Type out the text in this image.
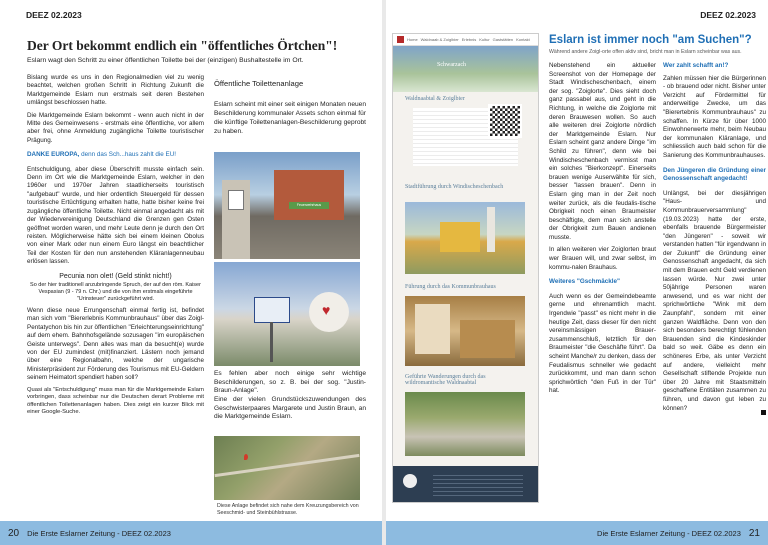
DEEZ 02.2023
Der Ort bekommt endlich ein "öffentliches Örtchen"!
Eslarn wagt den Schritt zu einer öffentlichen Toilette bei der (einzigen) Bushaltestelle im Ort.

Bislang wurde es uns in den Regionalmedien viel zu wenig beachtet, welchen großen Schritt in Richtung Zukunft die Marktgemeinde Eslarn nun erstmals seit deren Bestehen umlängst beschlossen hatte.

Die Marktgemeinde Eslarn bekommt - wenn auch nicht in der Mitte des Gemeinwesens - erstmals eine öffentliche, vor allem aber frei, ohne Anmeldung zugängliche Toilette touristischer Prägung.

DANKE EUROPA, denn das Sch...haus zahlt die EU!

Entschuldigung, aber diese Überschrift musste einfach sein. Denn im Ort wie die Marktgemeinde Eslarn, welcher in den 1960er und 1970er Jahren staatlicherseits touristisch "aufgebaut" wurde, und hier ordentlich Steuergeld für dessen touristische Ertüchtigung erhalten hatte, hatte bisher keine frei zugängliche öffentliche Toilette. Nicht einmal angedacht als mit der Wiedervereinigung Deutschland die Grenzen gen Osten geöffnet worden waren, und mehr Leute denn je durch den Ort reisten. Möglicherweise hätte sich bei einem kleinen Obolus von einer Mark oder nun einem Euro längst ein beachtlicher Teil der Kosten für den nun anstehenden Kläranlagenneubau erlösen lassen.

Pecunia non olet! (Geld stinkt nicht!)

So der hier traditionell anzubringende Spruch, der auf den röm. Kaiser Vespasian (9 - 79 n. Chr.) und die von ihm erstmals eingeführte "Urinsteuer" zurückgeführt wird.

Wenn diese neue Errungenschaft einmal fertig ist, befindet man sich vom "Biererlebnis Kommunbrauhaus" über das Zoigl-Pentatychon bis hin zur öffentlichen "Erleichterungseinrichtung" auf dem ehem. Bahnhofsgelände sozusagen "im europäischen Geiste unterwegs". Denn alles was man da besucht(e) wurde von der EU zumindest (mit)finanziert. Lästern noch jemand über eine Regionalbahn, welche der ungarische Ministerpräsident zur Förderung des Tourismus mit EU-Geldern seinem Heimatort spendiert haben soll?

Quasi als "Entschuldigung" muss man für die Marktgemeinde Eslarn vorbringen, dass scheinbar nur die Deutschen derart Probleme mit öffentlichen Toilettenanlagen haben. Dies zeigt ein kurzer Blick mit einer Google-Suche.

Öffentliche Toilettenanlage
Eslarn scheint mit einer seit einigen Monaten neuen Beschilderung kommunaler Assets schon einmal für die künftige Toilettenanlagen-Beschilderung geprobt zu haben.
Feuerwehrhaus
♥
Es fehlen aber noch einige sehr wichtige Beschilderungen, so z. B. bei der sog. "Justin-Braun-Anlage".
Eine der vielen Grundstückszuwendungen des Geschwisterpaares Margarete und Justin Braun, an die Marktgemeinde Eslarn.
Diese Anlage befindet sich nahe dem Kreuzungsbereich von Seeschmid- und Steinbühlstrasse.
20	Die Erste Eslarner Zeitung - DEEZ 02.2023
DEEZ 02.2023
Eslarn ist immer noch "am Suchen"?
Während andere Zoigl-orte offen aktiv sind, bricht man in Eslarn scheinbar was aus.
Home Waldnaab & Zoiglbier Erlebnis Kultur Gaststätten Kontakt
Schwarzach
Waldnaabtal & Zoiglbier
Stadtführung durch Windischeschenbach
Führung durch das Kommunbrauhaus
Geführte Wanderungen durch das wildromantische Waldnaabtal

Nebenstehend ein aktueller Screenshot von der Homepage der Stadt Windischeschenbach, einem der sog. "Zoiglorte". Dies sieht doch ganz passabel aus, und geht in die Richtung, in welche die Zoiglorte mit deren Brauwesen wollen. So auch alle weiteren drei Zoiglorte nördlich der Marktgemeinde Eslarn. Nur Eslarn scheint ganz andere Dinge "im Schild zu führen", denn wie bei Windischeschenbach vermisst man ein solches "Bierkonzept". Einerseits brauen wenige Auserwählte für sich, besser "lassen brauen". Denn in Eslarn ging man in der Zeit noch weiter zurück, als die feudalis-tische Obrigkeit noch einen Braumeister beschäftigte, dem man sich anstelle der Obrigkeit zum Bauen andienen musste.

In allen weiteren vier Zoiglorten braut wer Brauen will, und zwar selbst, im kommu-nalen Brauhaus.

Weiteres "Gschmäckle"

Auch wenn es der Gemeindebeamte gerne und ehrenamtlich macht. Irgendwie "passt" es nicht mehr in die heutige Zeit, dass dieser für den nicht vereinsmässigen Brauer-zusammenschluß, letztlich für den Braumeister "die Geschäfte führt". Da scheint Manche/r zu denken, dass der Feudalismus schneller wie gedacht zurückkommt, und man dann schon sprichwörtlich "den Fuß in der Tür" hat.

Wer zahlt schafft an!?

Zahlen müssen hier die Bürgerinnen - ob brauend oder nicht. Bisher unter Verzicht auf Fördermittel für anderweitige Zwecke, um das "Bierertebnis Kommunbrauhaus" zu schaffen. In Kürze für über 1000 Einwohnerwerte mehr, beim Neubau der kommunalen Kläranlage, und schliesslich auch bald schon für die Sanierung des Kommunbrauhauses.

Den Jüngeren die Gründung einer Genossenschaft angedacht!

Unlängst, bei der diesjährigen "Haus- und Kommunbrauerversammlung" (19.03.2023) hatte der erste, ebenfalls brauende Bürgermeister "den Jüngeren" - soweit wir verstanden hatten "für irgendwann in der Zukunft" die Gründung einer Genossenschaft angedacht, da sich mit dem Brauen echt Geld verdienen lassen würde. Nur zwei unter 50jährige Personen waren anwesend, und es war nicht der sprichwörtliche "Wink mit dem Zaunpfahl", sondern mit einer ganzen Waldfläche. Denn von den sich besonders berechtigt fühlenden Brauenden sind die Kindeskinder bald so weit. Gäbe es denn ein schöneres Erbe, als unter Verzicht auf andere, vielleicht mehr Gesellschaft stiftende Projekte nun über 20 Jahre mit Staatsmitteln geschaffene Entitäten zusammen zu führen, und davon gut leben zu können?

Die Erste Eslarner Zeitung - DEEZ 02.2023 21
